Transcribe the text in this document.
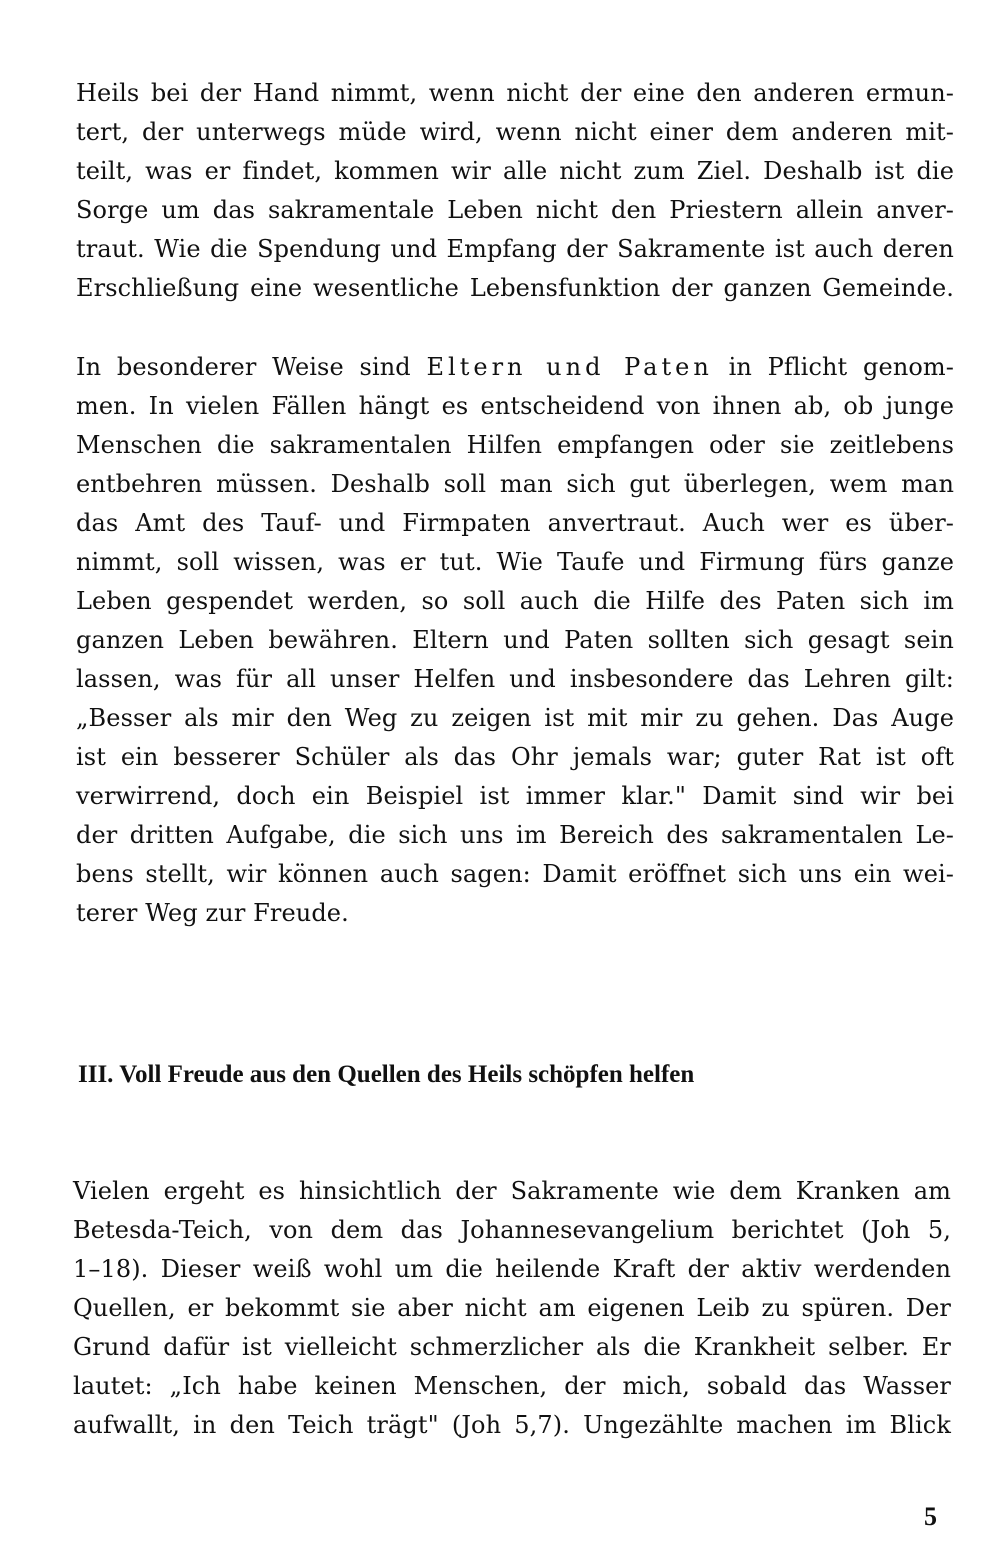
Heils bei der Hand nimmt, wenn nicht der eine den anderen ermun-
tert, der unterwegs müde wird, wenn nicht einer dem anderen mit-
teilt, was er findet, kommen wir alle nicht zum Ziel. Deshalb ist die
Sorge um das sakramentale Leben nicht den Priestern allein anver-
traut. Wie die Spendung und Empfang der Sakramente ist auch deren
Erschließung eine wesentliche Lebensfunktion der ganzen Gemeinde.
In besonderer Weise sind Eltern und Paten in Pflicht genom-
men. In vielen Fällen hängt es entscheidend von ihnen ab, ob junge
Menschen die sakramentalen Hilfen empfangen oder sie zeitlebens
entbehren müssen. Deshalb soll man sich gut überlegen, wem man
das Amt des Tauf- und Firmpaten anvertraut. Auch wer es über-
nimmt, soll wissen, was er tut. Wie Taufe und Firmung fürs ganze
Leben gespendet werden, so soll auch die Hilfe des Paten sich im
ganzen Leben bewähren. Eltern und Paten sollten sich gesagt sein
lassen, was für all unser Helfen und insbesondere das Lehren gilt:
„Besser als mir den Weg zu zeigen ist mit mir zu gehen. Das Auge
ist ein besserer Schüler als das Ohr jemals war; guter Rat ist oft
verwirrend, doch ein Beispiel ist immer klar." Damit sind wir bei
der dritten Aufgabe, die sich uns im Bereich des sakramentalen Le-
bens stellt, wir können auch sagen: Damit eröffnet sich uns ein wei-
terer Weg zur Freude.
III. Voll Freude aus den Quellen des Heils schöpfen helfen
Vielen ergeht es hinsichtlich der Sakramente wie dem Kranken am
Betesda-Teich, von dem das Johannesevangelium berichtet (Joh 5,
1–18). Dieser weiß wohl um die heilende Kraft der aktiv werdenden
Quellen, er bekommt sie aber nicht am eigenen Leib zu spüren. Der
Grund dafür ist vielleicht schmerzlicher als die Krankheit selber. Er
lautet: „Ich habe keinen Menschen, der mich, sobald das Wasser
aufwallt, in den Teich trägt" (Joh 5,7). Ungezählte machen im Blick
5
